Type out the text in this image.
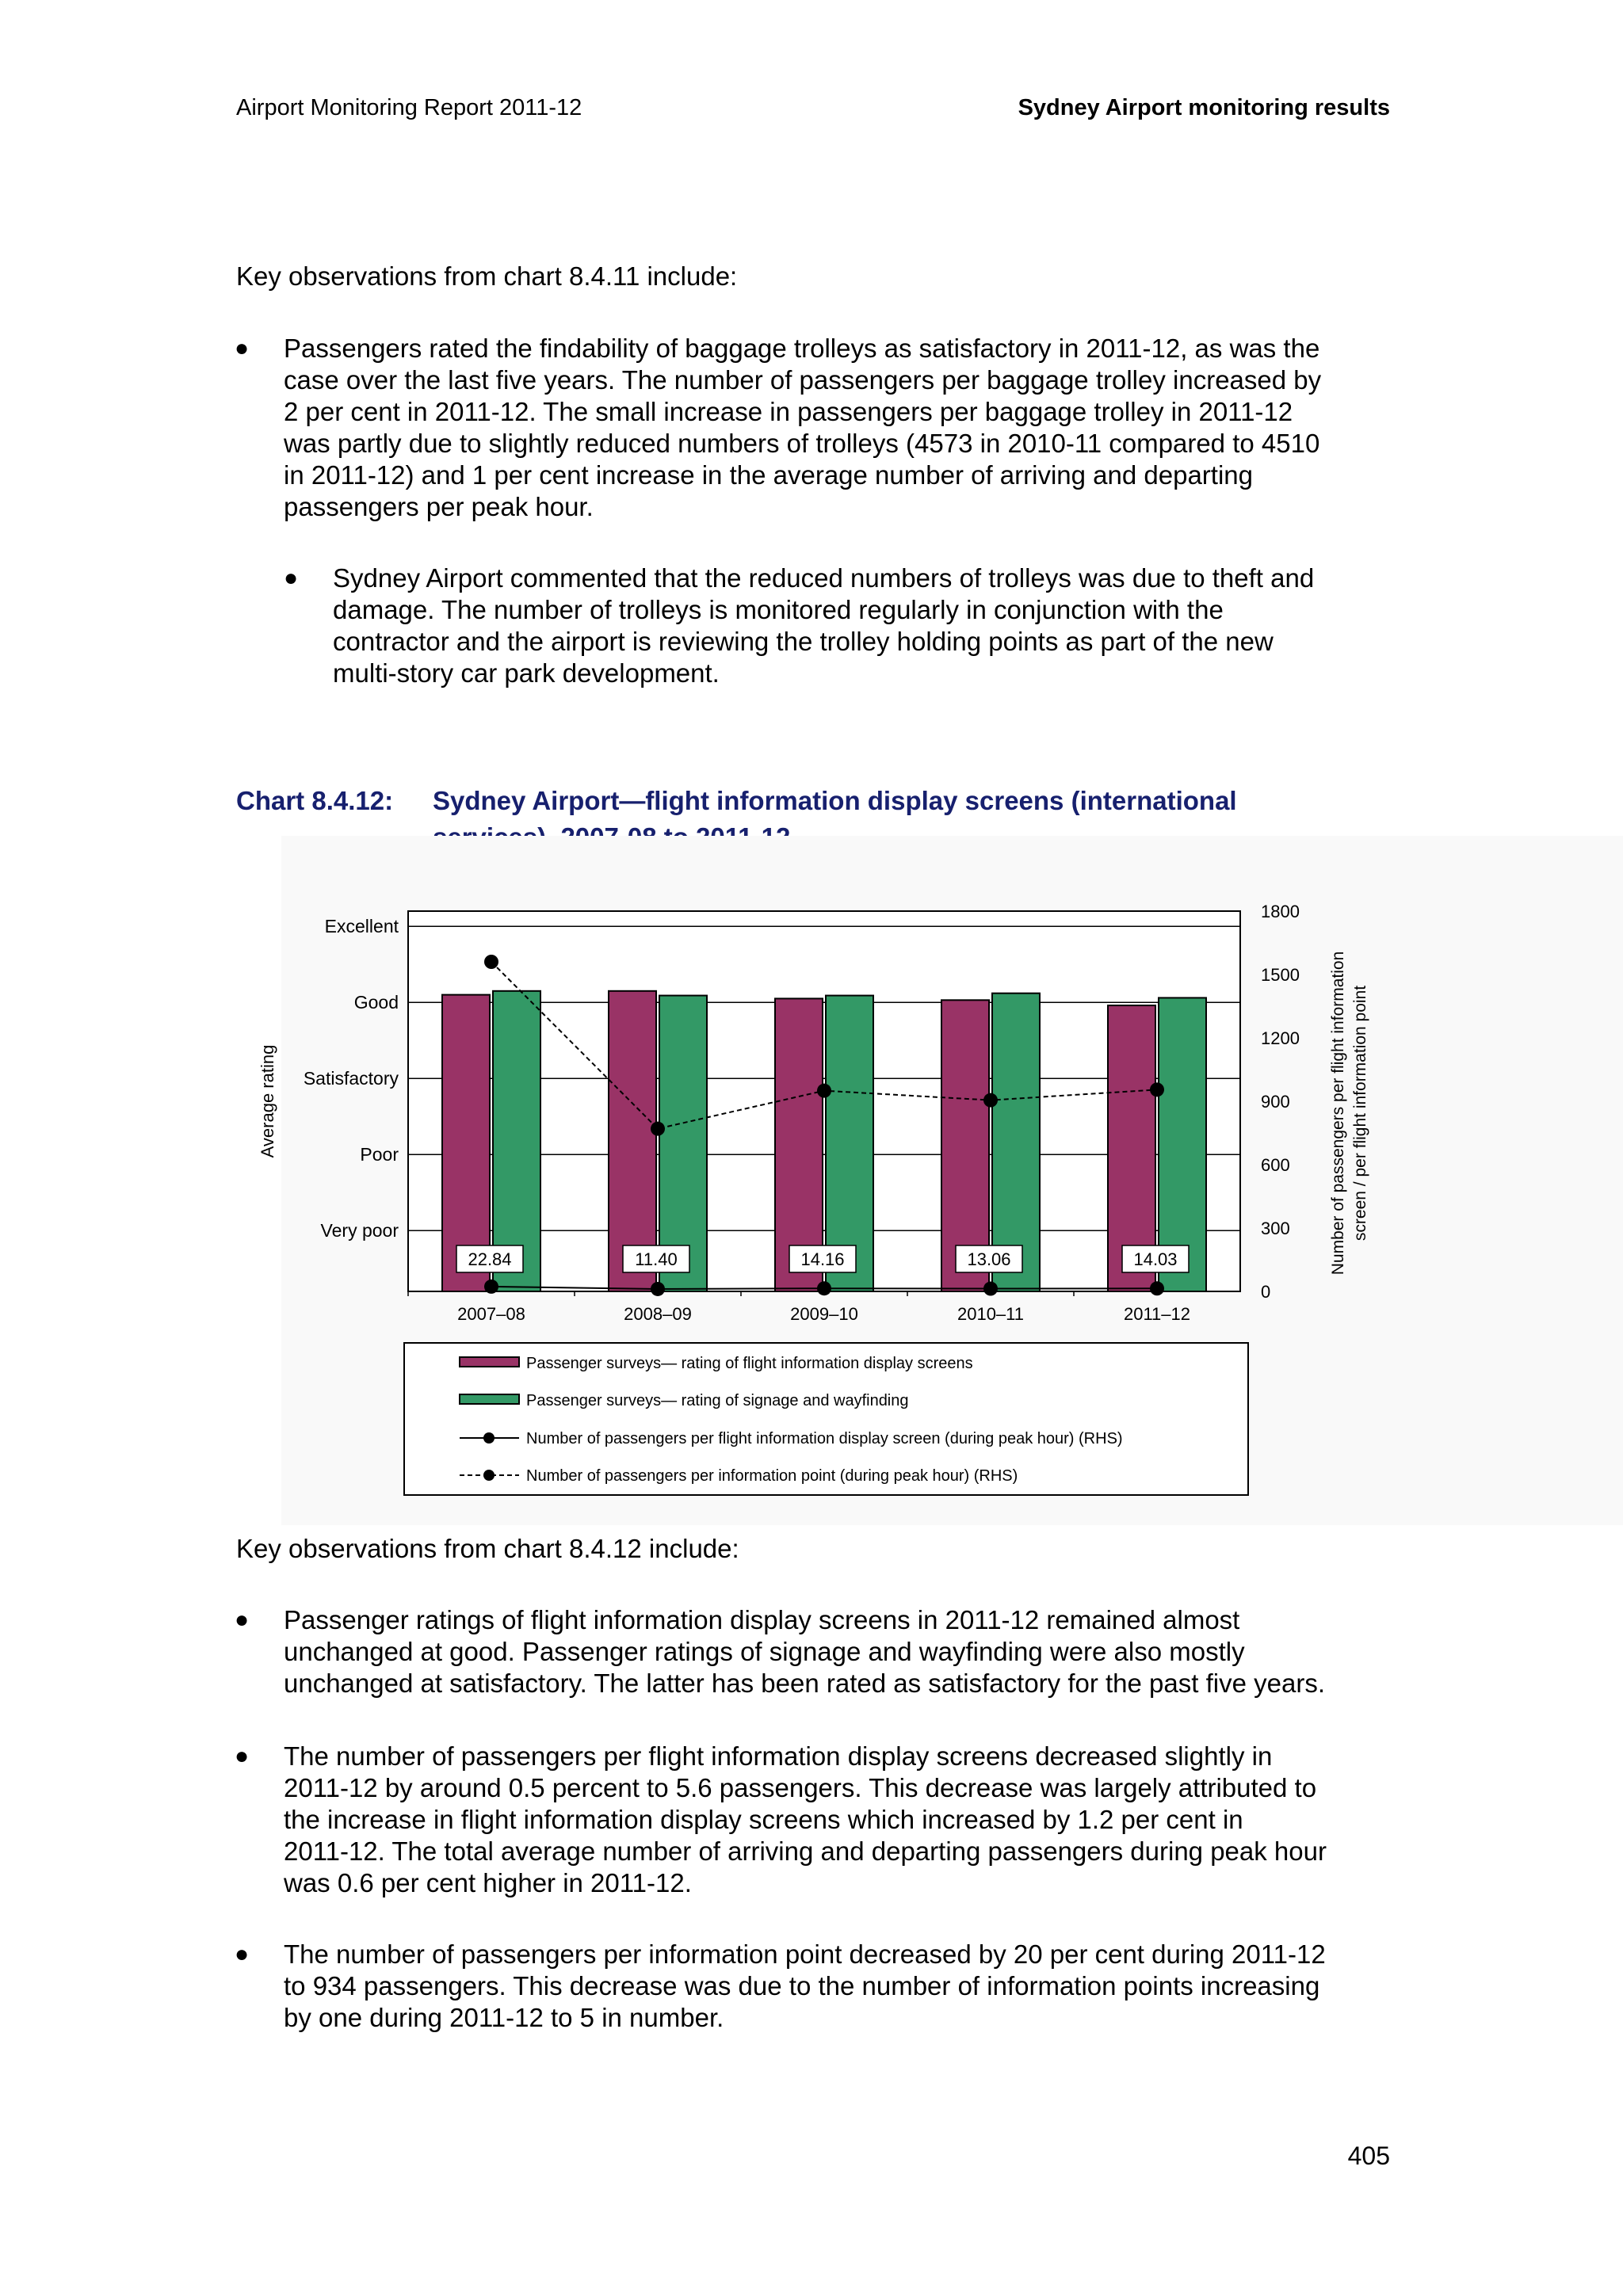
Airport Monitoring Report 2011-12	Sydney Airport monitoring results
Key observations from chart 8.4.11 include:
● Passengers rated the findability of baggage trolleys as satisfactory in 2011-12, as was the
case over the last five years. The number of passengers per baggage trolley increased by
2 per cent in 2011-12. The small increase in passengers per baggage trolley in 2011-12
was partly due to slightly reduced numbers of trolleys (4573 in 2010-11 compared to 4510
in 2011-12) and 1 per cent increase in the average number of arriving and departing
passengers per peak hour.
● Sydney Airport commented that the reduced numbers of trolleys was due to theft and
damage. The number of trolleys is monitored regularly in conjunction with the
contractor and the airport is reviewing the trolley holding points as part of the new
multi-story car park development.
Chart 8.4.12:	Sydney Airport—flight information display screens (international
Very poor
Poor
Satisfactory
Good
Excellent
0
300
600
900
1200
1500
1800
2007–08	2008–09	2009–10	2010–11	2011–12
22.84	11.40	14.16	13.06	14.03
Average rating	Number of passengers per flight information screen / per flight information point
Passenger surveys— rating of flight information display screens
Passenger surveys— rating of signage and wayfinding
Number of passengers per flight information display screen (during peak hour) (RHS)
Number of passengers per information point (during peak hour) (RHS)
Key observations from chart 8.4.12 include:
● Passenger ratings of flight information display screens in 2011-12 remained almost
unchanged at good. Passenger ratings of signage and wayfinding were also mostly
unchanged at satisfactory. The latter has been rated as satisfactory for the past five years.
● The number of passengers per flight information display screens decreased slightly in
2011-12 by around 0.5 percent to 5.6 passengers. This decrease was largely attributed to
the increase in flight information display screens which increased by 1.2 per cent in
2011-12. The total average number of arriving and departing passengers during peak hour
was 0.6 per cent higher in 2011-12.
● The number of passengers per information point decreased by 20 per cent during 2011-12
to 934 passengers. This decrease was due to the number of information points increasing
by one during 2011-12 to 5 in number.
405
